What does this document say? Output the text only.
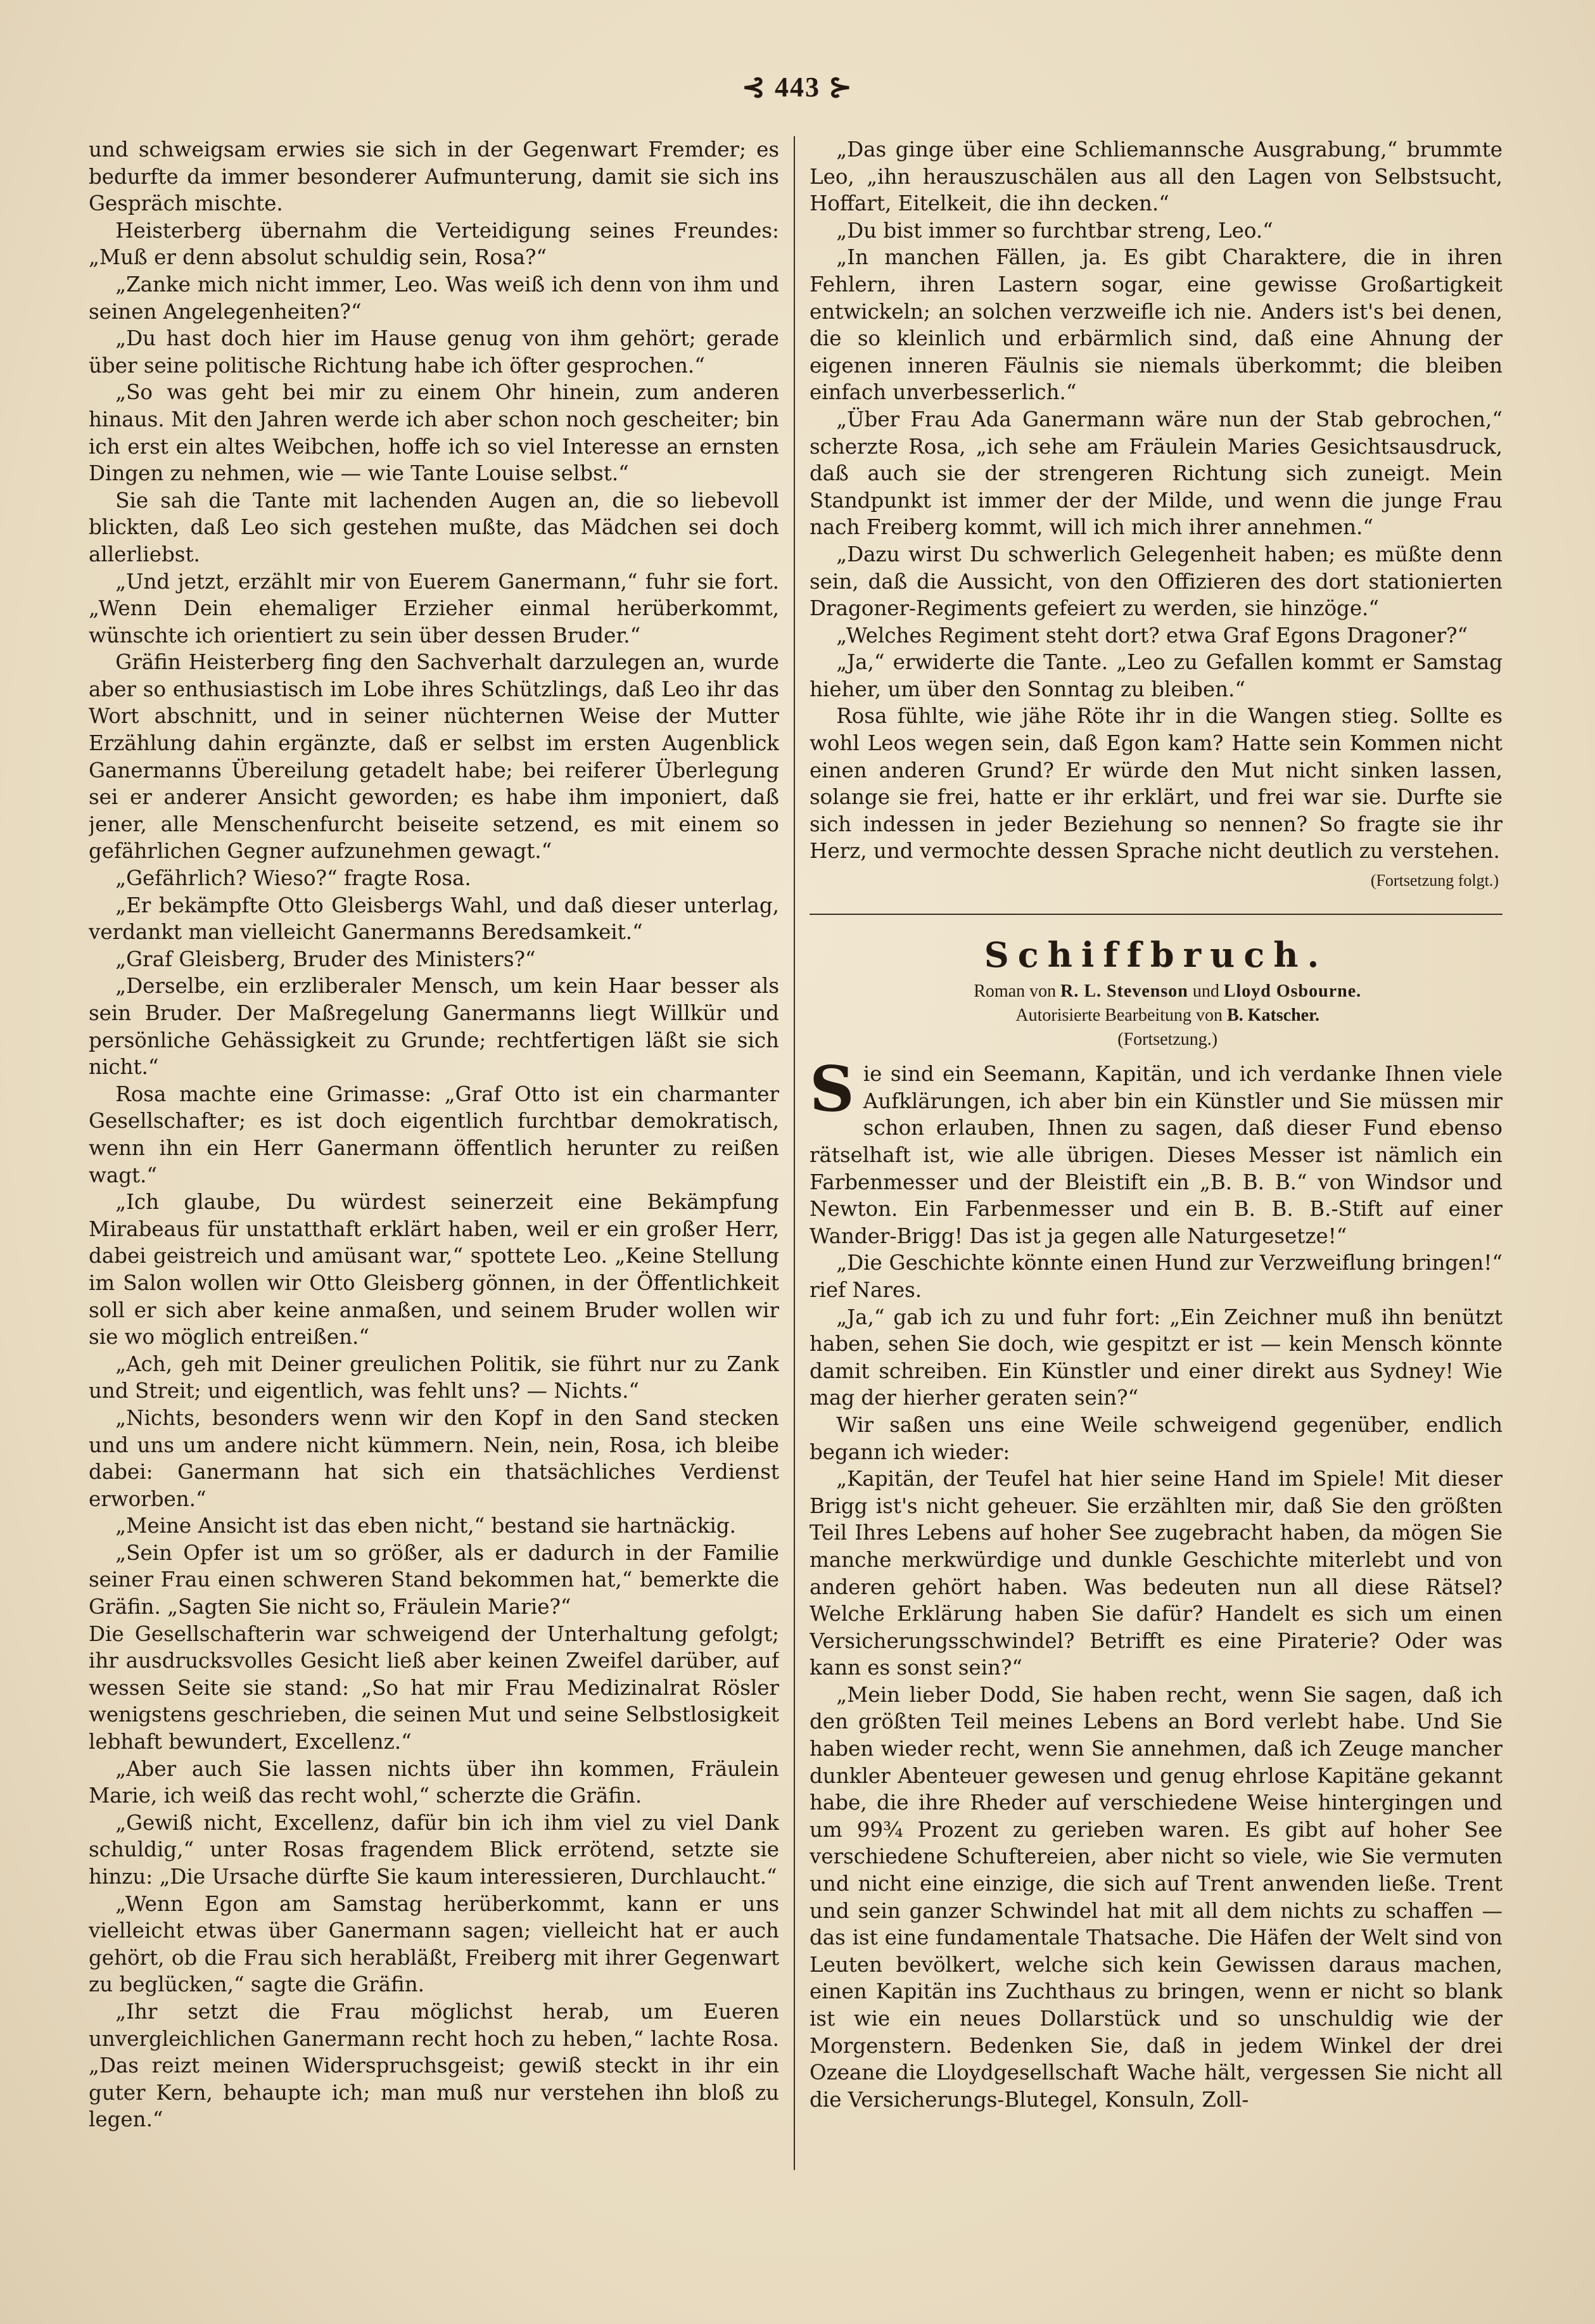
⊰ 443 ⊱

und schweigsam erwies sie sich in der Gegenwart Fremder; es bedurfte da immer besonderer Aufmunterung, damit sie sich ins Gespräch mischte.

Heisterberg übernahm die Verteidigung seines Freundes: „Muß er denn absolut schuldig sein, Rosa?“

„Zanke mich nicht immer, Leo. Was weiß ich denn von ihm und seinen Angelegenheiten?“

„Du hast doch hier im Hause genug von ihm gehört; gerade über seine politische Richtung habe ich öfter gesprochen.“

„So was geht bei mir zu einem Ohr hinein, zum anderen hinaus. Mit den Jahren werde ich aber schon noch gescheiter; bin ich erst ein altes Weibchen, hoffe ich so viel Interesse an ernsten Dingen zu nehmen, wie — wie Tante Louise selbst.“

Sie sah die Tante mit lachenden Augen an, die so liebevoll blickten, daß Leo sich gestehen mußte, das Mädchen sei doch allerliebst.

„Und jetzt, erzählt mir von Euerem Ganermann,“ fuhr sie fort. „Wenn Dein ehemaliger Erzieher einmal herüberkommt, wünschte ich orientiert zu sein über dessen Bruder.“

Gräfin Heisterberg fing den Sachverhalt darzulegen an, wurde aber so enthusiastisch im Lobe ihres Schützlings, daß Leo ihr das Wort abschnitt, und in seiner nüchternen Weise der Mutter Erzählung dahin ergänzte, daß er selbst im ersten Augenblick Ganermanns Übereilung getadelt habe; bei reiferer Überlegung sei er anderer Ansicht geworden; es habe ihm imponiert, daß jener, alle Menschenfurcht beiseite setzend, es mit einem so gefährlichen Gegner aufzunehmen gewagt.“

„Gefährlich? Wieso?“ fragte Rosa.

„Er bekämpfte Otto Gleisbergs Wahl, und daß dieser unterlag, verdankt man vielleicht Ganermanns Beredsamkeit.“

„Graf Gleisberg, Bruder des Ministers?“

„Derselbe, ein erzliberaler Mensch, um kein Haar besser als sein Bruder. Der Maßregelung Ganermanns liegt Willkür und persönliche Gehässigkeit zu Grunde; rechtfertigen läßt sie sich nicht.“

Rosa machte eine Grimasse: „Graf Otto ist ein charmanter Gesellschafter; es ist doch eigentlich furchtbar demokratisch, wenn ihn ein Herr Ganermann öffentlich herunter zu reißen wagt.“

„Ich glaube, Du würdest seinerzeit eine Bekämpfung Mirabeaus für unstatthaft erklärt haben, weil er ein großer Herr, dabei geistreich und amüsant war,“ spottete Leo. „Keine Stellung im Salon wollen wir Otto Gleisberg gönnen, in der Öffentlichkeit soll er sich aber keine anmaßen, und seinem Bruder wollen wir sie wo möglich entreißen.“

„Ach, geh mit Deiner greulichen Politik, sie führt nur zu Zank und Streit; und eigentlich, was fehlt uns? — Nichts.“

„Nichts, besonders wenn wir den Kopf in den Sand stecken und uns um andere nicht kümmern. Nein, nein, Rosa, ich bleibe dabei: Ganermann hat sich ein thatsächliches Verdienst erworben.“

„Meine Ansicht ist das eben nicht,“ bestand sie hartnäckig.

„Sein Opfer ist um so größer, als er dadurch in der Familie seiner Frau einen schweren Stand bekommen hat,“ bemerkte die Gräfin. „Sagten Sie nicht so, Fräulein Marie?“

Die Gesellschafterin war schweigend der Unterhaltung gefolgt; ihr ausdrucksvolles Gesicht ließ aber keinen Zweifel darüber, auf wessen Seite sie stand: „So hat mir Frau Medizinalrat Rösler wenigstens geschrieben, die seinen Mut und seine Selbstlosigkeit lebhaft bewundert, Excellenz.“

„Aber auch Sie lassen nichts über ihn kommen, Fräulein Marie, ich weiß das recht wohl,“ scherzte die Gräfin.

„Gewiß nicht, Excellenz, dafür bin ich ihm viel zu viel Dank schuldig,“ unter Rosas fragendem Blick errötend, setzte sie hinzu: „Die Ursache dürfte Sie kaum interessieren, Durchlaucht.“

„Wenn Egon am Samstag herüberkommt, kann er uns vielleicht etwas über Ganermann sagen; vielleicht hat er auch gehört, ob die Frau sich herabläßt, Freiberg mit ihrer Gegenwart zu beglücken,“ sagte die Gräfin.

„Ihr setzt die Frau möglichst herab, um Eueren unvergleichlichen Ganermann recht hoch zu heben,“ lachte Rosa. „Das reizt meinen Widerspruchsgeist; gewiß steckt in ihr ein guter Kern, behaupte ich; man muß nur verstehen ihn bloß zu legen.“

„Das ginge über eine Schliemannsche Ausgrabung,“ brummte Leo, „ihn herauszuschälen aus all den Lagen von Selbstsucht, Hoffart, Eitelkeit, die ihn decken.“

„Du bist immer so furchtbar streng, Leo.“

„In manchen Fällen, ja. Es gibt Charaktere, die in ihren Fehlern, ihren Lastern sogar, eine gewisse Großartigkeit entwickeln; an solchen verzweifle ich nie. Anders ist's bei denen, die so kleinlich und erbärmlich sind, daß eine Ahnung der eigenen inneren Fäulnis sie niemals überkommt; die bleiben einfach unverbesserlich.“

„Über Frau Ada Ganermann wäre nun der Stab gebrochen,“ scherzte Rosa, „ich sehe am Fräulein Maries Gesichtsausdruck, daß auch sie der strengeren Richtung sich zuneigt. Mein Standpunkt ist immer der der Milde, und wenn die junge Frau nach Freiberg kommt, will ich mich ihrer annehmen.“

„Dazu wirst Du schwerlich Gelegenheit haben; es müßte denn sein, daß die Aussicht, von den Offizieren des dort stationierten Dragoner-Regiments gefeiert zu werden, sie hinzöge.“

„Welches Regiment steht dort? etwa Graf Egons Dragoner?“

„Ja,“ erwiderte die Tante. „Leo zu Gefallen kommt er Samstag hieher, um über den Sonntag zu bleiben.“

Rosa fühlte, wie jähe Röte ihr in die Wangen stieg. Sollte es wohl Leos wegen sein, daß Egon kam? Hatte sein Kommen nicht einen anderen Grund? Er würde den Mut nicht sinken lassen, solange sie frei, hatte er ihr erklärt, und frei war sie. Durfte sie sich indessen in jeder Beziehung so nennen? So fragte sie ihr Herz, und vermochte dessen Sprache nicht deutlich zu verstehen.

(Fortsetzung folgt.)
Schiffbruch.

Roman von R. L. Stevenson und Lloyd Osbourne.

Autorisierte Bearbeitung von B. Katscher.

(Fortsetzung.)

Sie sind ein Seemann, Kapitän, und ich verdanke Ihnen viele Aufklärungen, ich aber bin ein Künstler und Sie müssen mir schon erlauben, Ihnen zu sagen, daß dieser Fund ebenso rätselhaft ist, wie alle übrigen. Dieses Messer ist nämlich ein Farbenmesser und der Bleistift ein „B. B. B.“ von Windsor und Newton. Ein Farbenmesser und ein B. B. B.-Stift auf einer Wander-Brigg! Das ist ja gegen alle Naturgesetze!“

„Die Geschichte könnte einen Hund zur Verzweiflung bringen!“ rief Nares.

„Ja,“ gab ich zu und fuhr fort: „Ein Zeichner muß ihn benützt haben, sehen Sie doch, wie gespitzt er ist — kein Mensch könnte damit schreiben. Ein Künstler und einer direkt aus Sydney! Wie mag der hierher geraten sein?“

Wir saßen uns eine Weile schweigend gegenüber, endlich begann ich wieder:

„Kapitän, der Teufel hat hier seine Hand im Spiele! Mit dieser Brigg ist's nicht geheuer. Sie erzählten mir, daß Sie den größten Teil Ihres Lebens auf hoher See zugebracht haben, da mögen Sie manche merkwürdige und dunkle Geschichte miterlebt und von anderen gehört haben. Was bedeuten nun all diese Rätsel? Welche Erklärung haben Sie dafür? Handelt es sich um einen Versicherungsschwindel? Betrifft es eine Piraterie? Oder was kann es sonst sein?“

„Mein lieber Dodd, Sie haben recht, wenn Sie sagen, daß ich den größten Teil meines Lebens an Bord verlebt habe. Und Sie haben wieder recht, wenn Sie annehmen, daß ich Zeuge mancher dunkler Abenteuer gewesen und genug ehrlose Kapitäne gekannt habe, die ihre Rheder auf verschiedene Weise hintergingen und um 99¾ Prozent zu gerieben waren. Es gibt auf hoher See verschiedene Schuftereien, aber nicht so viele, wie Sie vermuten und nicht eine einzige, die sich auf Trent anwenden ließe. Trent und sein ganzer Schwindel hat mit all dem nichts zu schaffen — das ist eine fundamentale Thatsache. Die Häfen der Welt sind von Leuten bevölkert, welche sich kein Gewissen daraus machen, einen Kapitän ins Zuchthaus zu bringen, wenn er nicht so blank ist wie ein neues Dollarstück und so unschuldig wie der Morgenstern. Bedenken Sie, daß in jedem Winkel der drei Ozeane die Lloydgesellschaft Wache hält, vergessen Sie nicht all die Versicherungs-Blutegel, Konsuln, Zoll-
